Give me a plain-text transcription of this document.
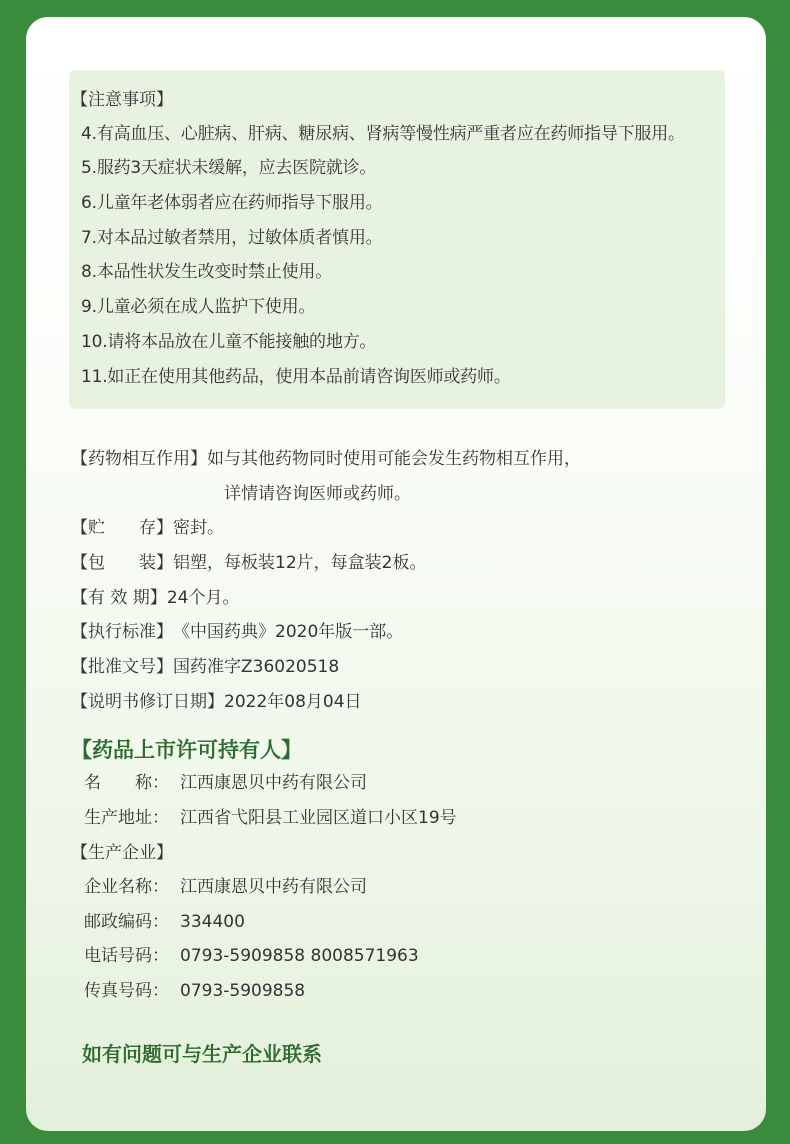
【注意事项】
4.有高血压、心脏病、肝病、糖尿病、肾病等慢性病严重者应在药师指导下服用。
5.服药3天症状未缓解，应去医院就诊。
6.儿童年老体弱者应在药师指导下服用。
7.对本品过敏者禁用，过敏体质者慎用。
8.本品性状发生改变时禁止使用。
9.儿童必须在成人监护下使用。
10.请将本品放在儿童不能接触的地方。
11.如正在使用其他药品，使用本品前请咨询医师或药师。
【药物相互作用】如与其他药物同时使用可能会发生药物相互作用，
详情请咨询医师或药师。
【贮　　存】密封。
【包　　装】铝塑，每板装12片，每盒装2板。
【有 效 期】24个月。
【执行标准】《中国药典》2020年版一部。
【批准文号】国药准字Z36020518
【说明书修订日期】2022年08月04日
【药品上市许可持有人】
名　　称： 江西康恩贝中药有限公司
生产地址： 江西省弋阳县工业园区道口小区19号
【生产企业】
企业名称： 江西康恩贝中药有限公司
邮政编码： 334400
电话号码： 0793-5909858 8008571963
传真号码： 0793-5909858
如有问题可与生产企业联系
